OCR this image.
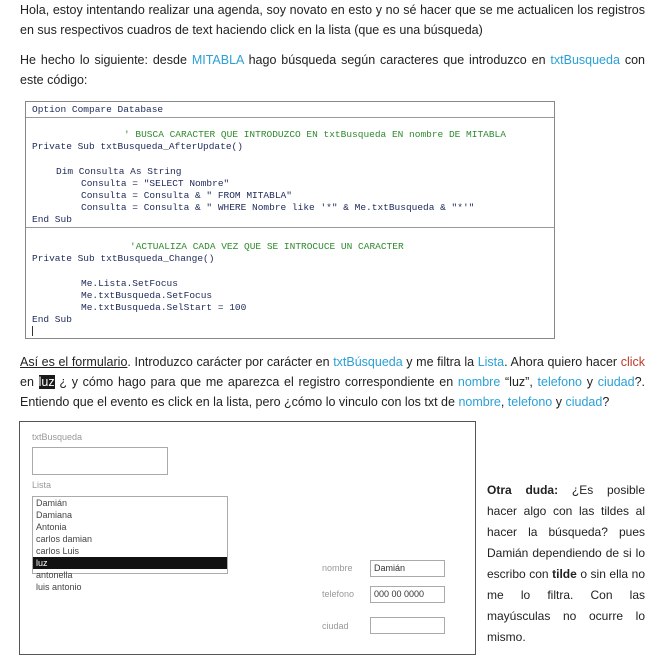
Hola, estoy intentando realizar una agenda, soy novato en esto y no sé hacer que se me actualicen los registros en sus respectivos cuadros de text haciendo click en la lista (que es una búsqueda)
He hecho lo siguiente: desde MITABLA hago búsqueda según caracteres que introduzco en txtBusqueda con este código:
Option Compare Database
' BUSCA CARACTER QUE INTRODUZCO EN txtBusqueda EN nombre DE MITABLA
Private Sub txtBusqueda_AfterUpdate()
Dim Consulta As String
Consulta = "SELECT Nombre"
Consulta = Consulta & " FROM MITABLA"
Consulta = Consulta & " WHERE Nombre like '*" & Me.txtBusqueda & "*'"
End Sub
'ACTUALIZA CADA VEZ QUE SE INTROCUCE UN CARACTER
Private Sub txtBusqueda_Change()
Me.Lista.SetFocus
Me.txtBusqueda.SetFocus
Me.txtBusqueda.SelStart = 100
End Sub
Así es el formulario. Introduzco carácter por carácter en txtBúsqueda y me filtra la Lista. Ahora quiero hacer click en luz ¿ y cómo hago para que me aparezca el registro correspondiente en nombre “luz”, telefono y ciudad?. Entiendo que el evento es click en la lista, pero ¿cómo lo vinculo con los txt de nombre, telefono y ciudad?
txtBusqueda
Lista
Damián
Damiana
Antonia
carlos damian
carlos Luis
luz
antonella
luis antonio
nombre	Damián
telefono	000 00 0000
ciudad
Otra duda: ¿Es posible hacer algo con las tildes al hacer la búsqueda? pues Damián dependiendo de si lo escribo con tilde o sin ella no me lo filtra. Con las mayúsculas no ocurre lo mismo.
